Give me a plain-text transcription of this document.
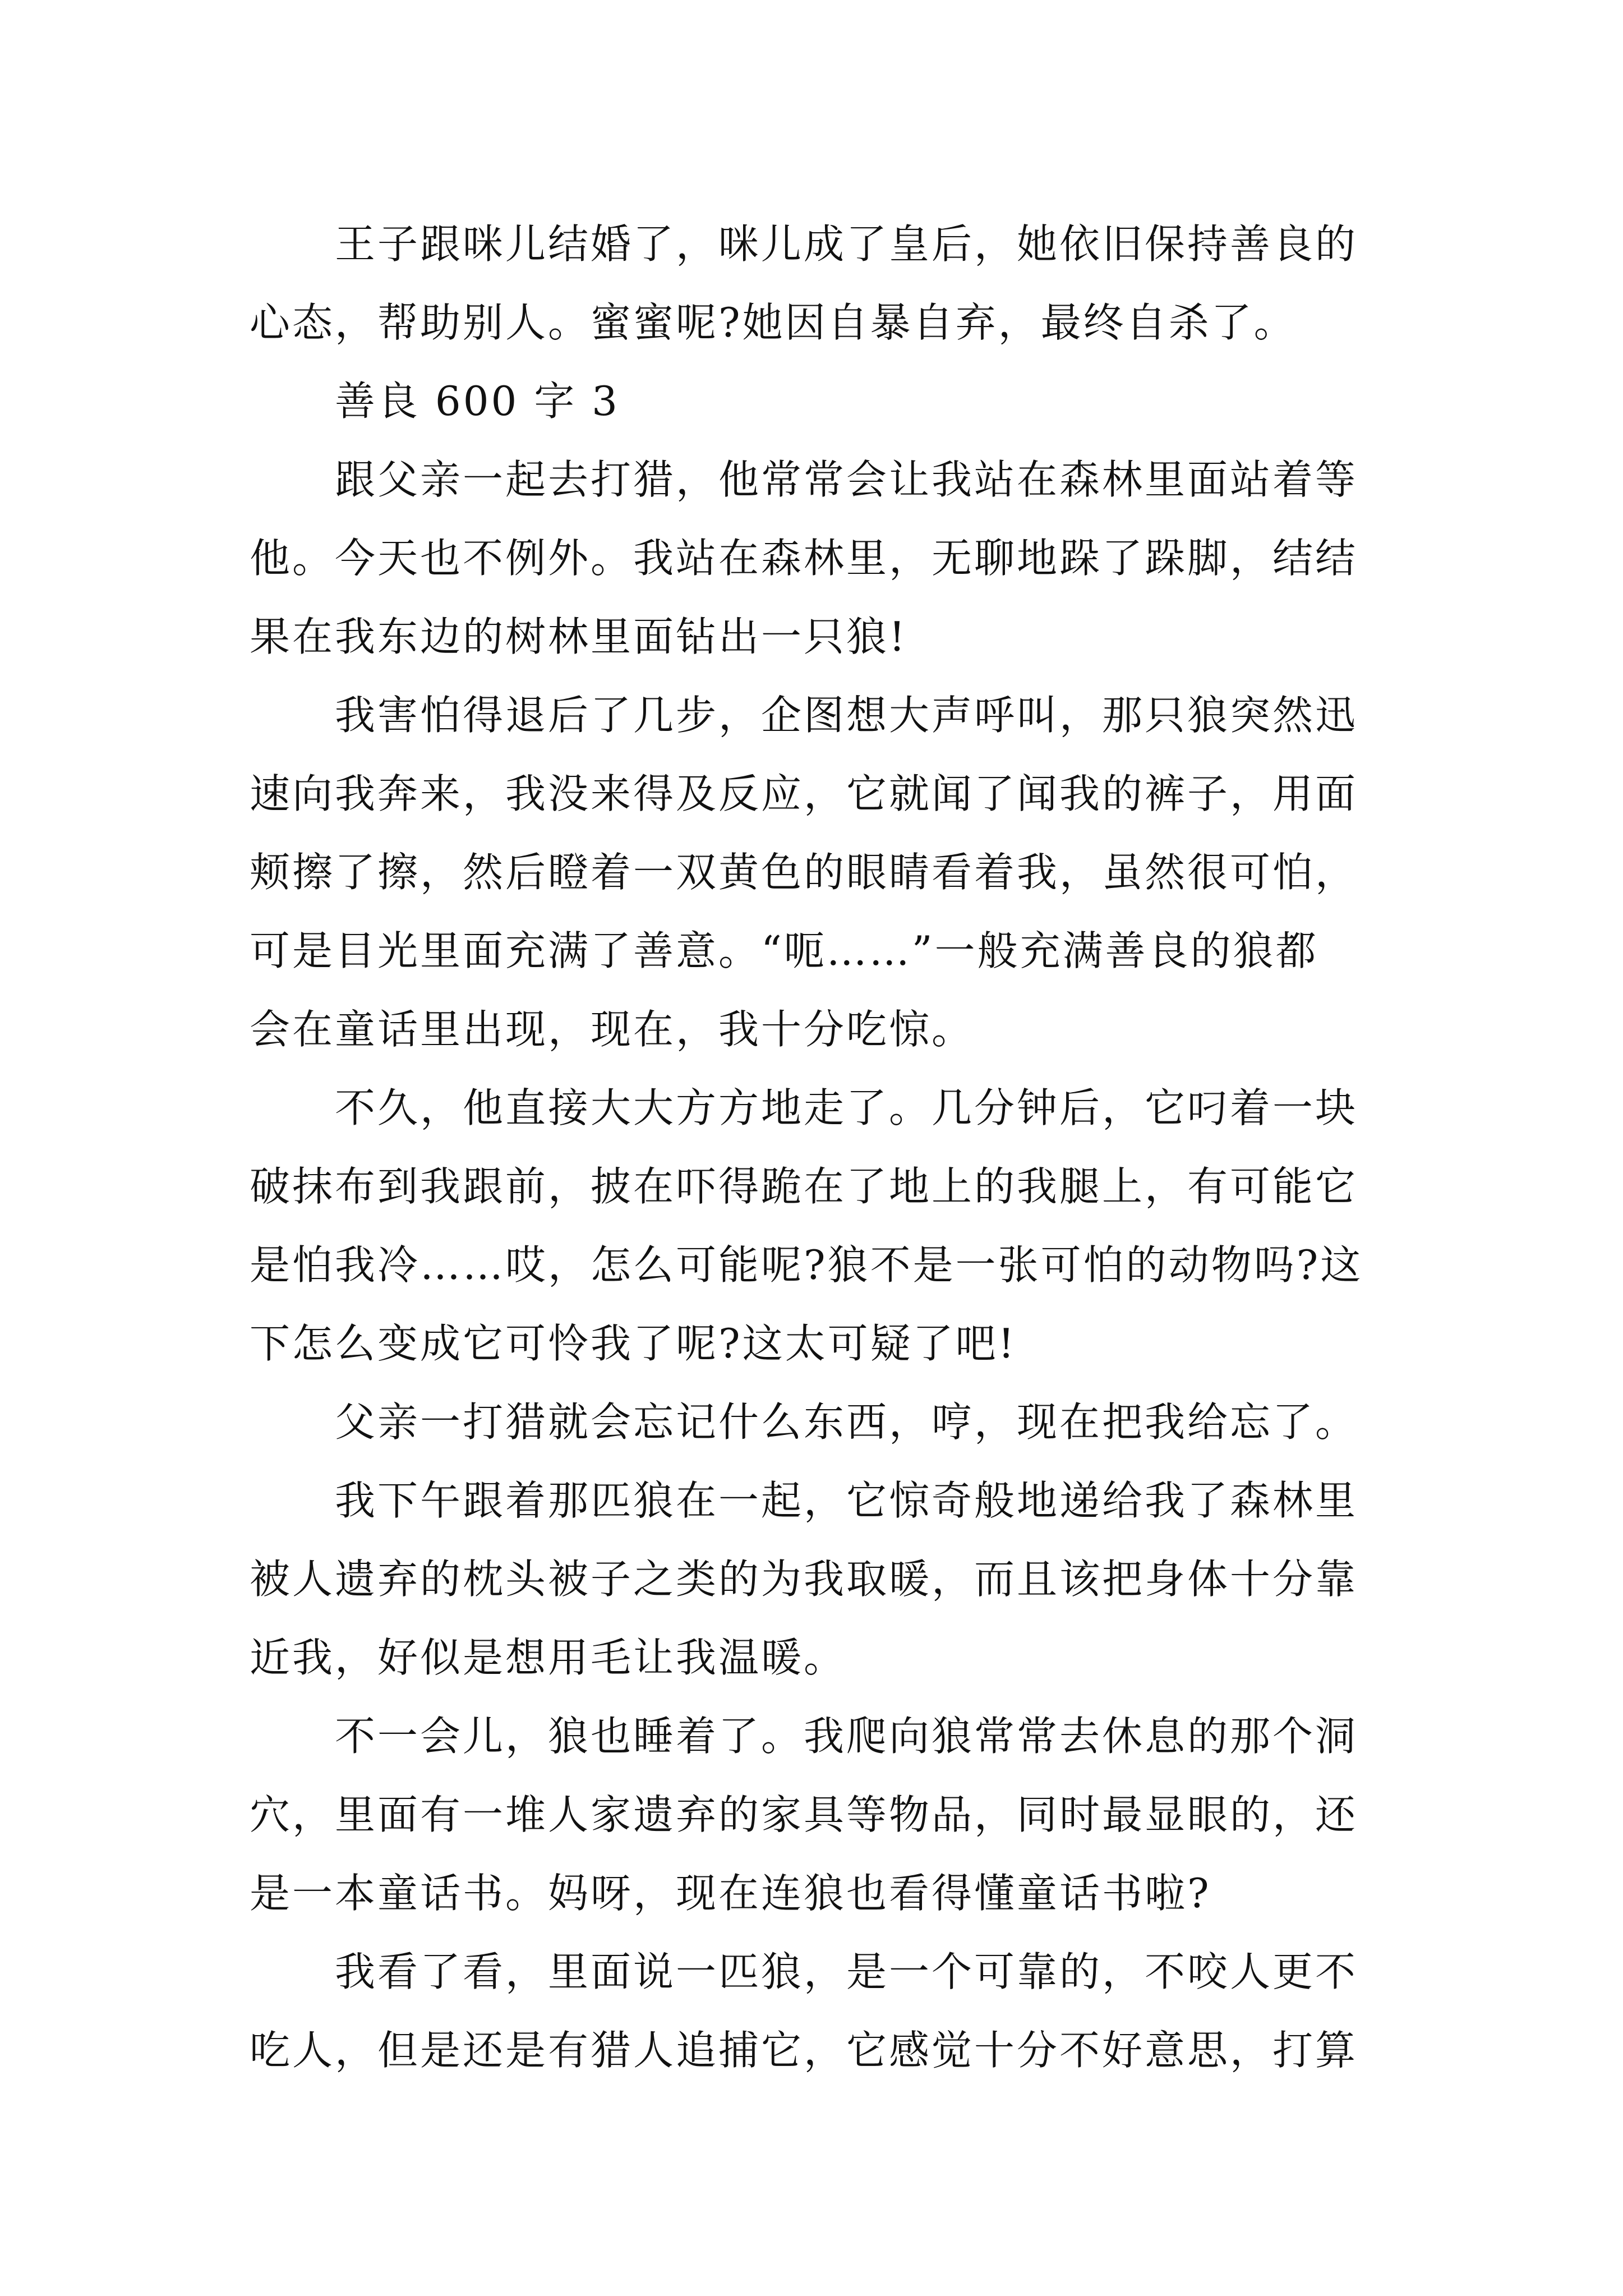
王子跟咪儿结婚了，咪儿成了皇后，她依旧保持善良的
心态，帮助别人。蜜蜜呢?她因自暴自弃，最终自杀了。
善良 600 字 3
跟父亲一起去打猎，他常常会让我站在森林里面站着等
他。今天也不例外。我站在森林里，无聊地跺了跺脚，结结
果在我东边的树林里面钻出一只狼!
我害怕得退后了几步，企图想大声呼叫，那只狼突然迅
速向我奔来，我没来得及反应，它就闻了闻我的裤子，用面
颊擦了擦，然后瞪着一双黄色的眼睛看着我，虽然很可怕，
可是目光里面充满了善意。“呃……”一般充满善良的狼都
会在童话里出现，现在，我十分吃惊。
不久，他直接大大方方地走了。几分钟后，它叼着一块
破抹布到我跟前，披在吓得跪在了地上的我腿上，有可能它
是怕我冷……哎，怎么可能呢?狼不是一张可怕的动物吗?这
下怎么变成它可怜我了呢?这太可疑了吧!
父亲一打猎就会忘记什么东西，哼，现在把我给忘了。
我下午跟着那匹狼在一起，它惊奇般地递给我了森林里
被人遗弃的枕头被子之类的为我取暖，而且该把身体十分靠
近我，好似是想用毛让我温暖。
不一会儿，狼也睡着了。我爬向狼常常去休息的那个洞
穴，里面有一堆人家遗弃的家具等物品，同时最显眼的，还
是一本童话书。妈呀，现在连狼也看得懂童话书啦?
我看了看，里面说一匹狼，是一个可靠的，不咬人更不
吃人，但是还是有猎人追捕它，它感觉十分不好意思，打算
